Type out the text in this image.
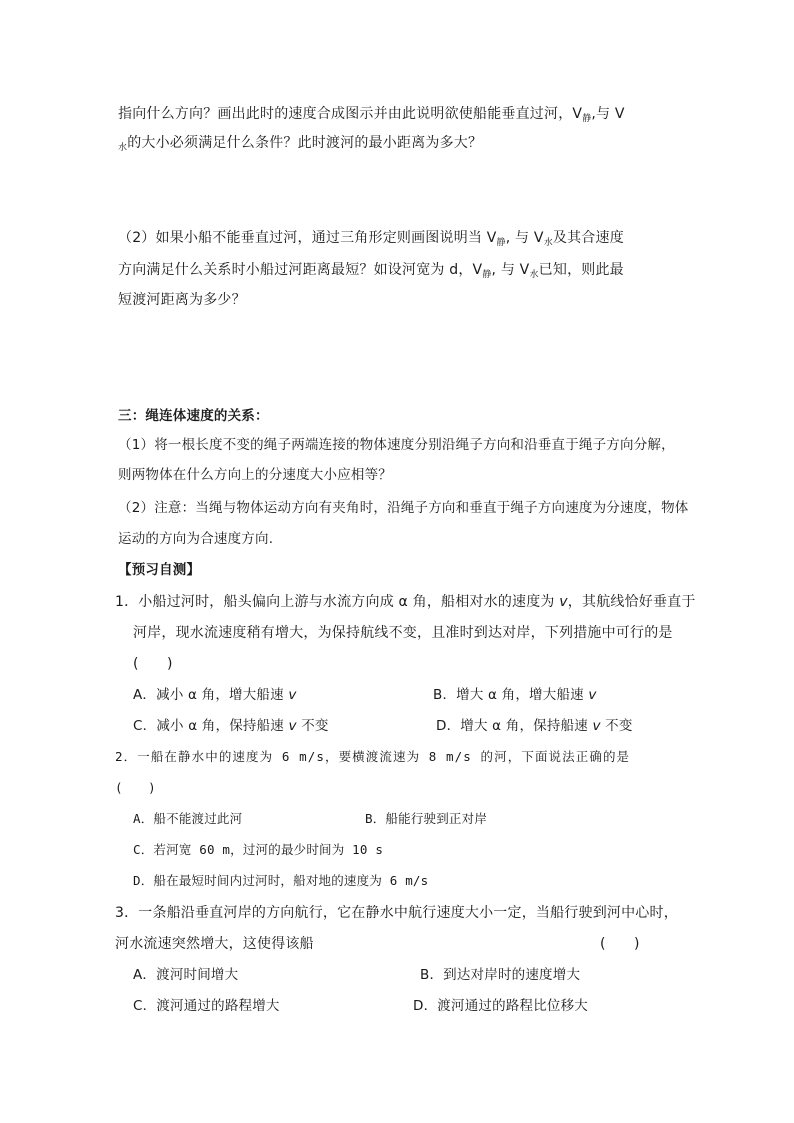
指向什么方向？画出此时的速度合成图示并由此说明欲使船能垂直过河，$V_静$,与 V
$_水$的大小必须满足什么条件？此时渡河的最小距离为多大？
（2）如果小船不能垂直过河，通过三角形定则画图说明当 $V_静$, 与 $V_水$及其合速度
方向满足什么关系时小船过河距离最短？如设河宽为 d，$V_静$, 与 $V_水$已知，则此最
短渡河距离为多少？
三：绳连体速度的关系：
（1）将一根长度不变的绳子两端连接的物体速度分别沿绳子方向和沿垂直于绳子方向分解，
则两物体在什么方向上的分速度大小应相等？
（2）注意：当绳与物体运动方向有夹角时，沿绳子方向和垂直于绳子方向速度为分速度，物体
运动的方向为合速度方向.
【预习自测】
1．小船过河时，船头偏向上游与水流方向成 α 角，船相对水的速度为 v，其航线恰好垂直于
河岸，现水流速度稍有增大，为保持航线不变，且准时到达对岸，下列措施中可行的是
(　　)
A．减小 α 角，增大船速 v	B．增大 α 角，增大船速 v
C．减小 α 角，保持船速 v 不变	D．增大 α 角，保持船速 v 不变
2．一船在静水中的速度为 6 m/s，要横渡流速为 8 m/s 的河，下面说法正确的是
(　　)
A．船不能渡过此河	B．船能行驶到正对岸
C．若河宽 60 m，过河的最少时间为 10 s
D．船在最短时间内过河时，船对地的速度为 6 m/s
3．一条船沿垂直河岸的方向航行，它在静水中航行速度大小一定，当船行驶到河中心时，
河水流速突然增大，这使得该船	(　　)
A．渡河时间增大	B．到达对岸时的速度增大
C．渡河通过的路程增大	D．渡河通过的路程比位移大
